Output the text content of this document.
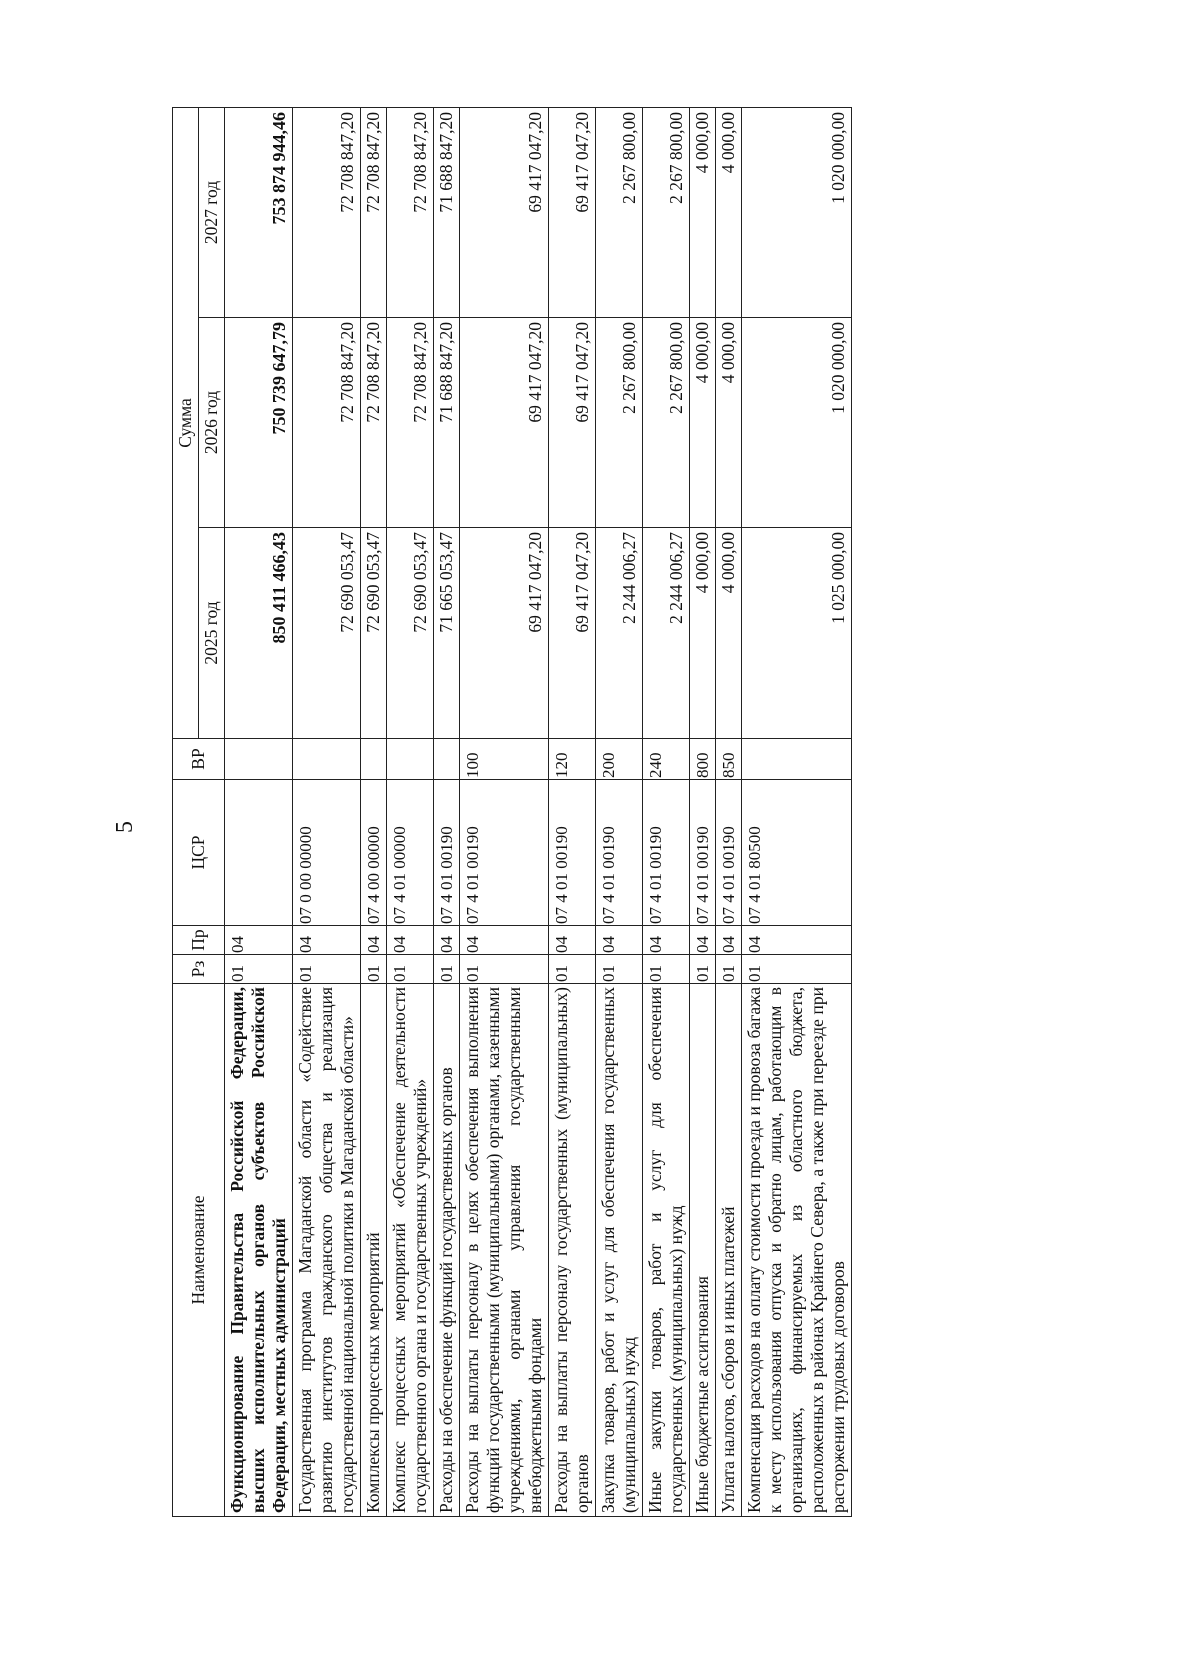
5
Наименование	Рз	Пр	ЦСР	ВР	Сумма		
					2025 год	2026 год	2027 год
Функционирование Правительства Российской Федерации, высших исполнительных органов субъектов Российской Федерации, местных администраций	01	04			850 411 466,43	750 739 647,79	753 874 944,46
Государственная программа Магаданской области «Содействие развитию институтов гражданского общества и реализация государственной национальной политики в Магаданской области»	01	04	07 0 00 00000		72 690 053,47	72 708 847,20	72 708 847,20
Комплексы процессных мероприятий	01	04	07 4 00 00000		72 690 053,47	72 708 847,20	72 708 847,20
Комплекс процессных мероприятий «Обеспечение деятельности государственного органа и государственных учреждений»	01	04	07 4 01 00000		72 690 053,47	72 708 847,20	72 708 847,20
Расходы на обеспечение функций государственных органов	01	04	07 4 01 00190		71 665 053,47	71 688 847,20	71 688 847,20
Расходы на выплаты персоналу в целях обеспечения выполнения функций государственными (муниципальными) органами, казенными учреждениями, органами управления государственными внебюджетными фондами	01	04	07 4 01 00190	100	69 417 047,20	69 417 047,20	69 417 047,20
Расходы на выплаты персоналу государственных (муниципальных) органов	01	04	07 4 01 00190	120	69 417 047,20	69 417 047,20	69 417 047,20
Закупка товаров, работ и услуг для обеспечения государственных (муниципальных) нужд	01	04	07 4 01 00190	200	2 244 006,27	2 267 800,00	2 267 800,00
Иные закупки товаров, работ и услуг для обеспечения государственных (муниципальных) нужд	01	04	07 4 01 00190	240	2 244 006,27	2 267 800,00	2 267 800,00
Иные бюджетные ассигнования	01	04	07 4 01 00190	800	4 000,00	4 000,00	4 000,00
Уплата налогов, сборов и иных платежей	01	04	07 4 01 00190	850	4 000,00	4 000,00	4 000,00
Компенсация расходов на оплату стоимости проезда и провоза багажа к месту использования отпуска и обратно лицам, работающим в организациях, финансируемых из областного бюджета, расположенных в районах Крайнего Севера, а также при переезде при расторжении трудовых договоров	01	04	07 4 01 80500		1 025 000,00	1 020 000,00	1 020 000,00
